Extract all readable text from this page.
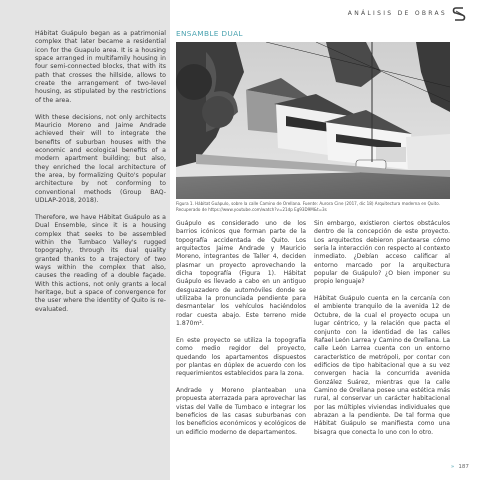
Hábitat Guápulo began as a patrimonial complex that later became a residential icon for the Guapulo area. It is a housing space arranged in multifamily housing in four semi-connected blocks, that with its path that crosses the hillside, allows to create the arrangement of two-level housing, as stipulated by the restrictions of the area.

With these decisions, not only architects Mauricio Moreno and Jaime Andrade achieved their will to integrate the benefits of suburban houses with the economic and ecological benefits of a modern apartment building; but also, they enriched the local architecture of the area, by formalizing Quito's popular architecture by not conforming to conventional methods (Group BAQ-UDLAP-2018, 2018).

Therefore, we have Hábitat Guápulo as a Dual Ensemble, since it is a housing complex that seeks to be assembled within the Tumbaco Valley's rugged topography, through its dual quality granted thanks to a trajectory of two ways within the complex that also, causes the reading of a double façade. With this actions, not only grants a local heritage, but a space of convergence for the user where the identity of Quito is re-evaluated.

ANÁLISIS DE OBRAS
ENSAMBLE DUAL
Figura 1. Hábitat Guápulo, sobre la calle Camino de Orellana. Fuente: Aurora Cine (2017, dic 18) Arquitectura moderna en Quito. Recuperado de https://www.youtube.com/watch?v=21dp Eg93D9M&t=3s

Guápulo es considerado uno de los barrios icónicos que forman parte de la topografía accidentada de Quito. Los arquitectos Jaime Andrade y Mauricio Moreno, integrantes de Taller 4, deciden plasmar un proyecto aprovechando la dicha topografía (Figura 1). Hábitat Guápulo es llevado a cabo en un antiguo desguazadero de automóviles donde se utilizaba la pronunciada pendiente para desmantelar los vehículos haciéndolos rodar cuesta abajo. Este terreno mide 1.870m².

En este proyecto se utiliza la topografía como medio regidor del proyecto, quedando los apartamentos dispuestos por plantas en dúplex de acuerdo con los requerimientos establecidos para la zona.

Andrade y Moreno planteaban una propuesta aterrazada para aprovechar las vistas del Valle de Tumbaco e integrar los beneficios de las casas suburbanas con los beneficios económicos y ecológicos de un edificio moderno de departamentos.

Sin embargo, existieron ciertos obstáculos dentro de la concepción de este proyecto. Los arquitectos debieron plantearse cómo sería la interacción con respecto al contexto inmediato. ¿Debían acceso calificar al entorno marcado por la arquitectura popular de Guápulo? ¿O bien imponer su propio lenguaje?

Hábitat Guápulo cuenta en la cercanía con el ambiente tranquilo de la avenida 12 de Octubre, de la cual el proyecto ocupa un lugar céntrico, y la relación que pacta el conjunto con la identidad de las calles Rafael León Larrea y Camino de Orellana. La calle León Larrea cuenta con un entorno característico de metrópoli, por contar con edificios de tipo habitacional que a su vez convergen hacia la concurrida avenida González Suárez, mientras que la calle Camino de Orellana posee una estética más rural, al conservar un carácter habitacional por las múltiples viviendas individuales que abrazan a la pendiente. De tal forma que Hábitat Guápulo se manifiesta como una bisagra que conecta lo uno con lo otro.

» 187
